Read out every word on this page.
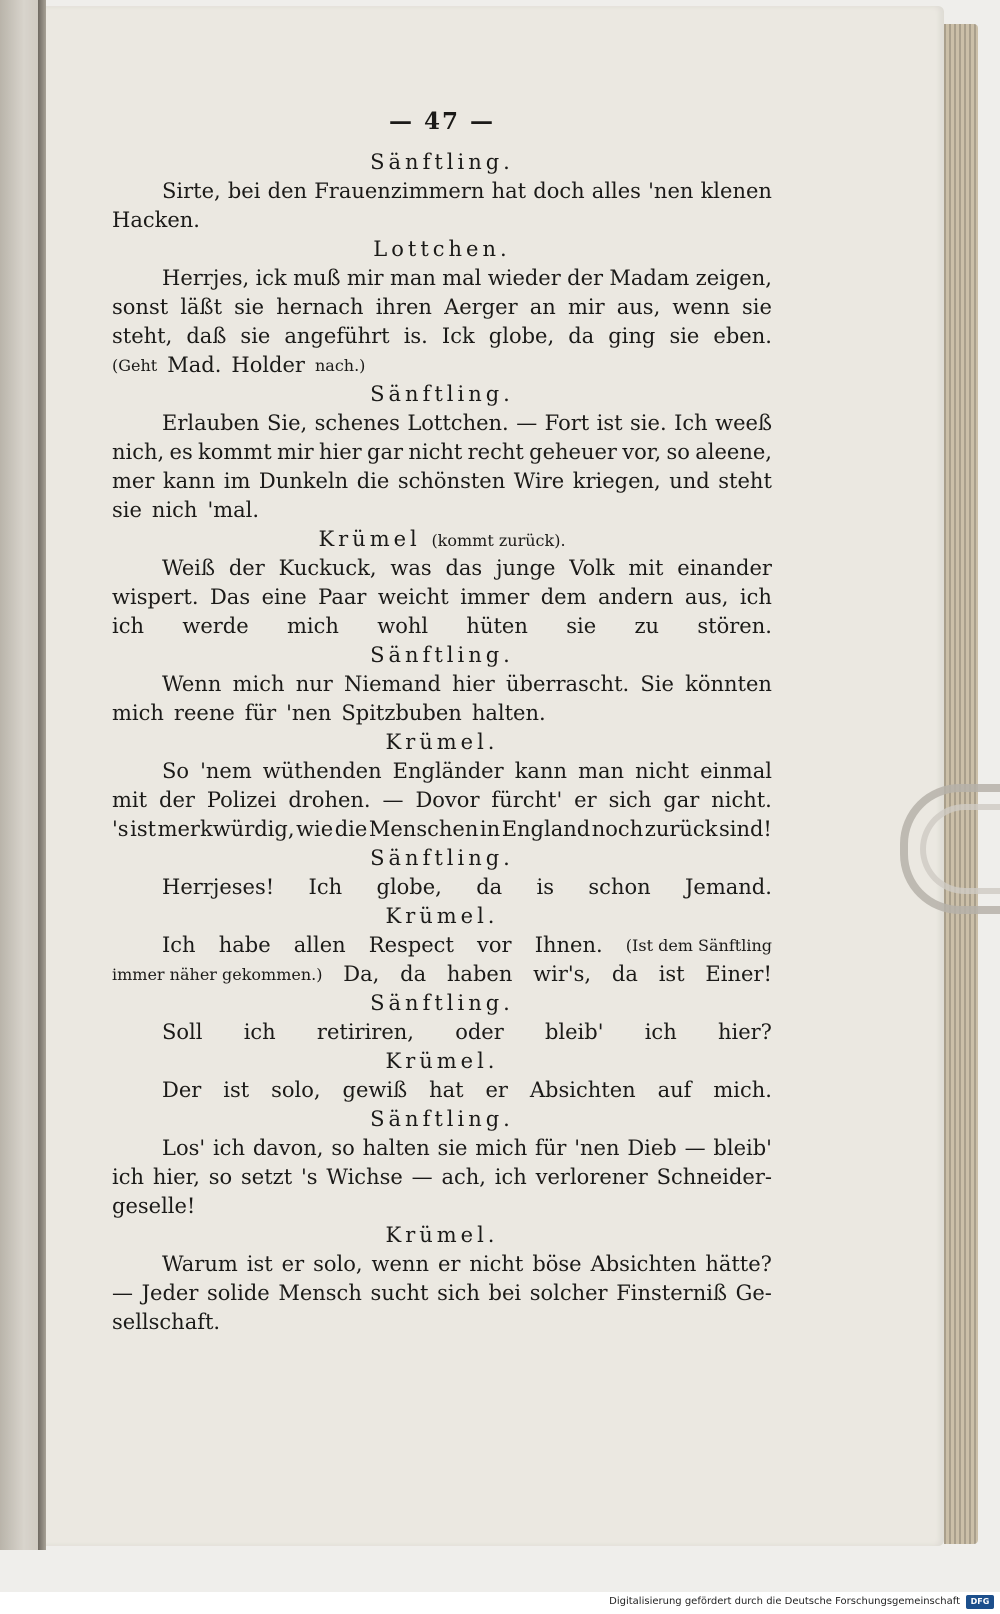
— 47 —
Sänftling.
Sirte, bei den Frauenzimmern hat doch alles 'nen klenen
Hacken.
Lottchen.
Herrjes, ick muß mir man mal wieder der Madam zeigen,
sonst läßt sie hernach ihren Aerger an mir aus, wenn sie
steht, daß sie angeführt is. Ick globe, da ging sie eben.
(Geht Mad. Holder nach.)
Sänftling.
Erlauben Sie, schenes Lottchen. — Fort ist sie. Ich weeß
nich, es kommt mir hier gar nicht recht geheuer vor, so aleene,
mer kann im Dunkeln die schönsten Wire kriegen, und steht
sie nich 'mal.
Krümel (kommt zurück).
Weiß der Kuckuck, was das junge Volk mit einander
wispert. Das eine Paar weicht immer dem andern aus, ich
ich werde mich wohl hüten sie zu stören.
Sänftling.
Wenn mich nur Niemand hier überrascht. Sie könnten
mich reene für 'nen Spitzbuben halten.
Krümel.
So 'nem wüthenden Engländer kann man nicht einmal
mit der Polizei drohen. — Dovor fürcht' er sich gar nicht.
's ist merkwürdig, wie die Menschen in England noch zurück sind!
Sänftling.
Herrjeses! Ich globe, da is schon Jemand.
Krümel.
Ich habe allen Respect vor Ihnen. (Ist dem Sänftling
immer näher gekommen.) Da, da haben wir's, da ist Einer!
Sänftling.
Soll ich retiriren, oder bleib' ich hier?
Krümel.
Der ist solo, gewiß hat er Absichten auf mich.
Sänftling.
Los' ich davon, so halten sie mich für 'nen Dieb — bleib'
ich hier, so setzt 's Wichse — ach, ich verlorener Schneider-
gesellе!
Krümel.
Warum ist er solo, wenn er nicht böse Absichten hätte?
— Jeder solide Mensch sucht sich bei solcher Finsterniß Ge-
sellschaft.
Digitalisierung gefördert durch die Deutsche Forschungsgemeinschaft	DFG
